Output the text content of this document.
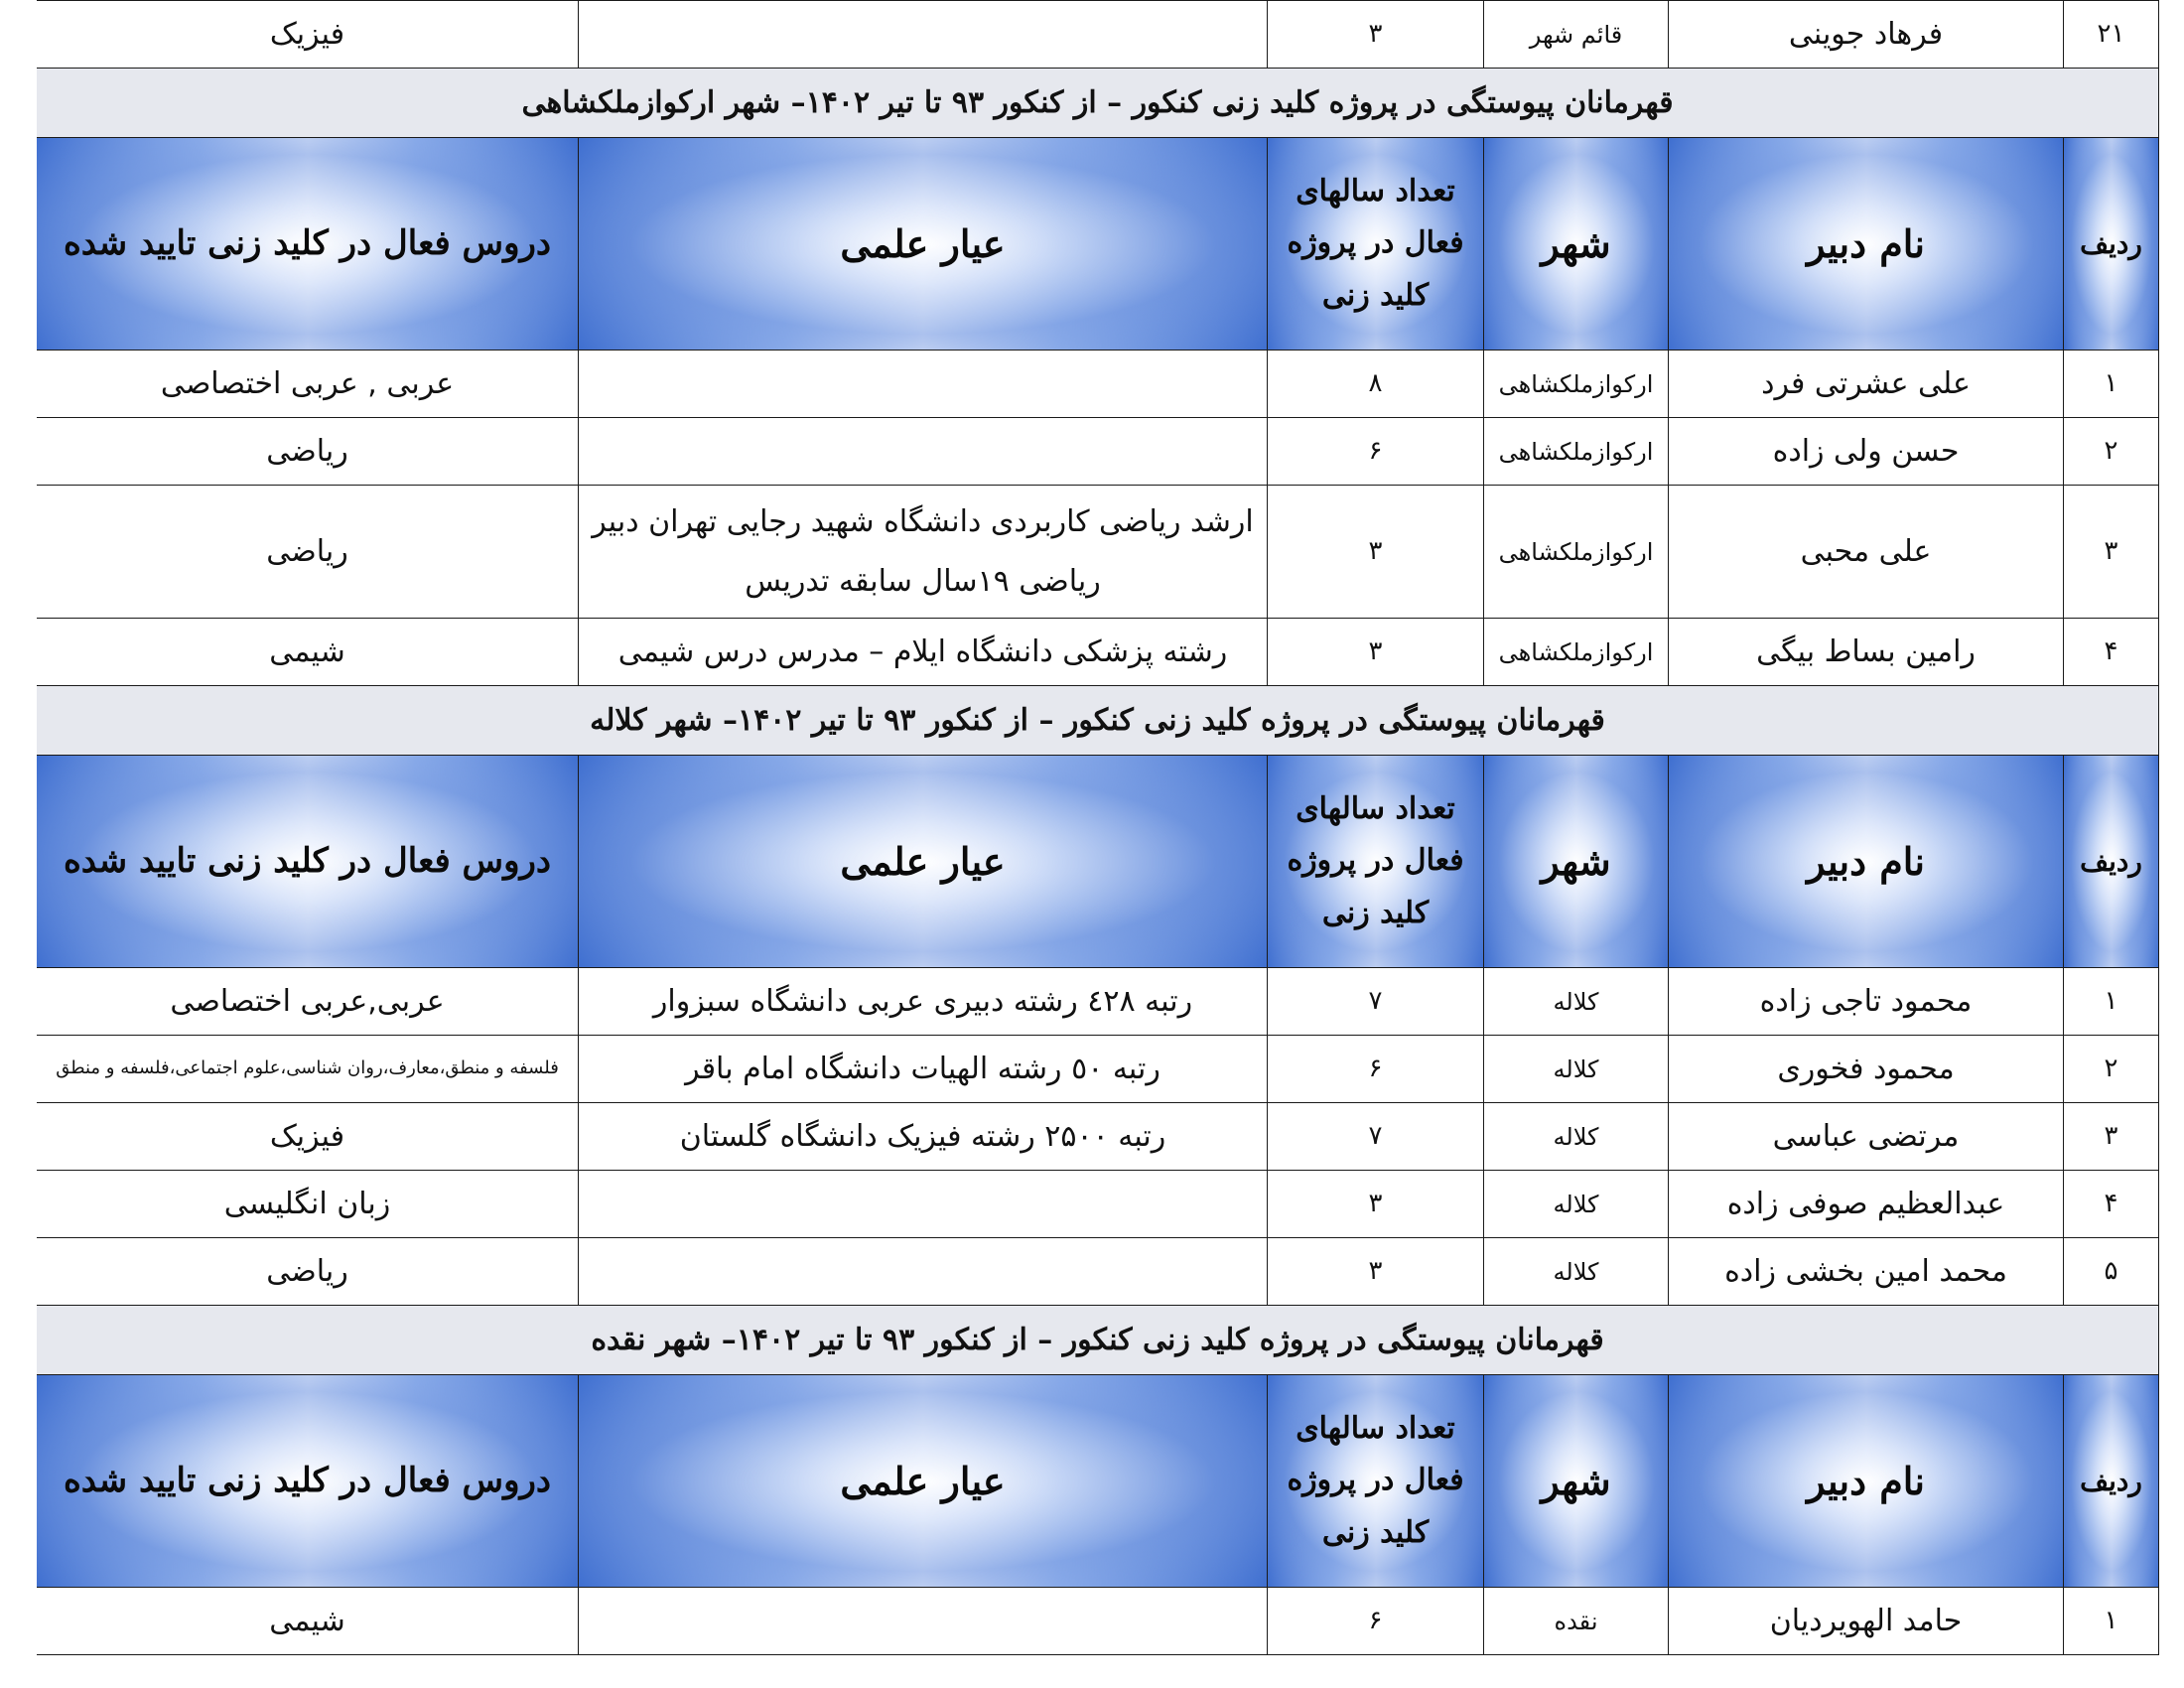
۲۱	فرهاد جوینی	قائم شهر	۳		فیزیک
قهرمانان پیوستگی در پروژه کلید زنی کنکور – از کنکور ۹۳ تا تیر ۱۴۰۲– شهر ارکوازملکشاهی					
ردیف	نام دبیر	شهر	تعداد سالهای فعال در پروژه کلید زنی	عیار علمی	دروس فعال در کلید زنی تایید شده
۱	علی عشرتی فرد	ارکوازملکشاهی	۸		عربی , عربی اختصاصی
۲	حسن ولی زاده	ارکوازملکشاهی	۶		ریاضی
۳	علی محبی	ارکوازملکشاهی	۳	ارشد ریاضی کاربردی دانشگاه شهید رجایی تهران دبیر ریاضی ۱۹سال سابقه تدریس	ریاضی
۴	رامین بساط بیگی	ارکوازملکشاهی	۳	رشته پزشکی دانشگاه ایلام – مدرس درس شیمی	شیمی
قهرمانان پیوستگی در پروژه کلید زنی کنکور – از کنکور ۹۳ تا تیر ۱۴۰۲– شهر کلاله					
ردیف	نام دبیر	شهر	تعداد سالهای فعال در پروژه کلید زنی	عیار علمی	دروس فعال در کلید زنی تایید شده
۱	محمود تاجی زاده	کلاله	۷	رتبه ٤٢٨ رشته دبیری عربی دانشگاه سبزوار	عربی,عربی اختصاصی
۲	محمود فخوری	کلاله	۶	رتبه ٥٠ رشته الهیات دانشگاه امام باقر	فلسفه و منطق،معارف،روان شناسی،علوم اجتماعی،فلسفه و منطق
۳	مرتضی عباسی	کلاله	۷	رتبه ۲۵۰۰ رشته فیزیک دانشگاه گلستان	فیزیک
۴	عبدالعظیم صوفی زاده	کلاله	۳		زبان انگلیسی
۵	محمد امین بخشی زاده	کلاله	۳		ریاضی
قهرمانان پیوستگی در پروژه کلید زنی کنکور – از کنکور ۹۳ تا تیر ۱۴۰۲– شهر نقده					
ردیف	نام دبیر	شهر	تعداد سالهای فعال در پروژه کلید زنی	عیار علمی	دروس فعال در کلید زنی تایید شده
۱	حامد الهویردیان	نقده	۶		شیمی
